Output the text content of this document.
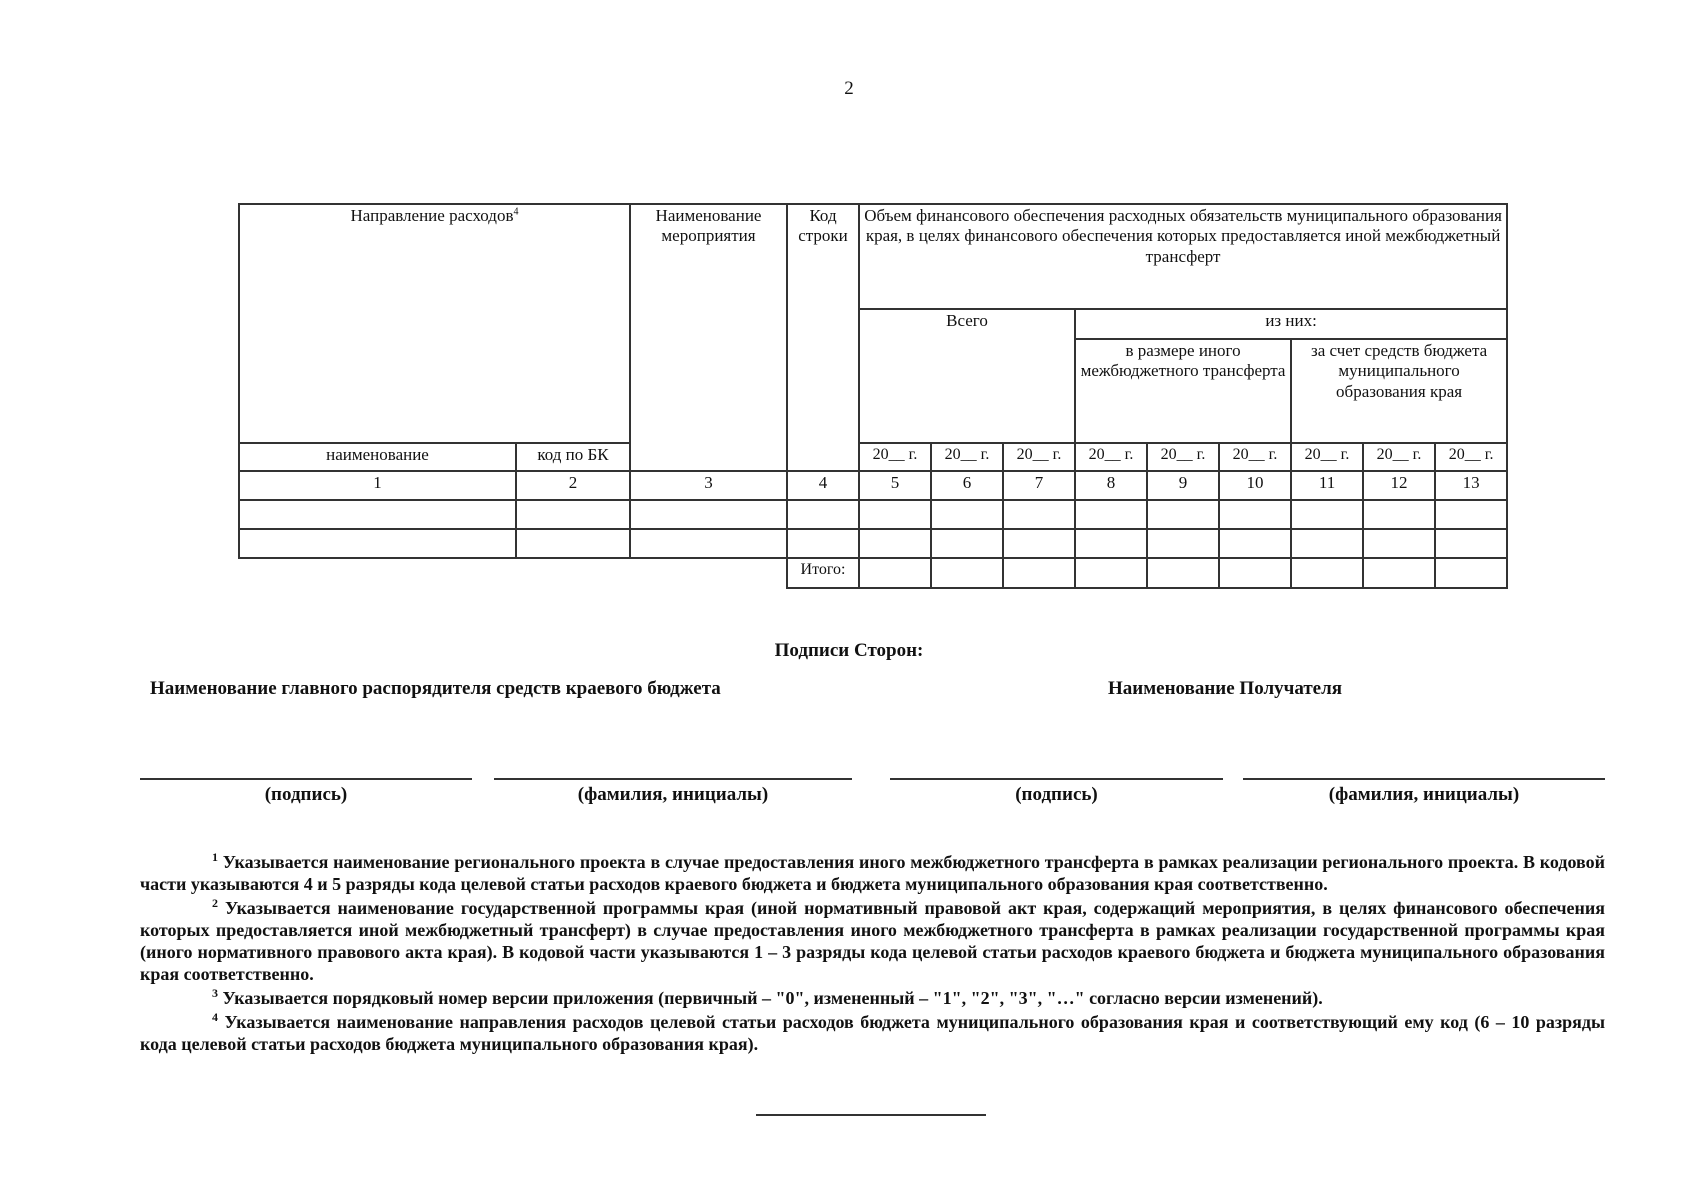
2
Направление расходов$^4$		Наименование мероприятия	Код строки	Объем финансового обеспечения расходных обязательств муниципального образования края, в целях финансового обеспечения которых предоставляется иной межбюджетный трансферт								
				Всего			из них:					
							в размере иного межбюджетного трансферта			за счет средств бюджета муниципального образования края		
наименование	код по БК			20__ г.	20__ г.	20__ г.	20__ г.	20__ г.	20__ г.	20__ г.	20__ г.	20__ г.
1	2	3	4	5	6	7	8	9	10	11	12	13

			Итого:									
Подписи Сторон:
Наименование главного распорядителя средств краевого бюджета	Наименование Получателя
(подпись)	(фамилия, инициалы)	(подпись)	(фамилия, инициалы)

$^1$ Указывается наименование регионального проекта в случае предоставления иного межбюджетного трансферта в рамках реализации регионального проекта. В кодовой части указываются 4 и 5 разряды кода целевой статьи расходов краевого бюджета и бюджета муниципального образования края соответственно.

$^2$ Указывается наименование государственной программы края (иной нормативный правовой акт края, содержащий мероприятия, в целях финансового обеспечения которых предоставляется иной межбюджетный трансферт) в случае предоставления иного межбюджетного трансферта в рамках реализации государственной программы края (иного нормативного правового акта края). В кодовой части указываются 1 – 3 разряды кода целевой статьи расходов краевого бюджета и бюджета муниципального образования края соответственно.

$^3$ Указывается порядковый номер версии приложения (первичный – "0", измененный – "1", "2", "3", "…" согласно версии изменений).

$^4$ Указывается наименование направления расходов целевой статьи расходов бюджета муниципального образования края и соответствующий ему код (6 – 10 разряды кода целевой статьи расходов бюджета муниципального образования края).
